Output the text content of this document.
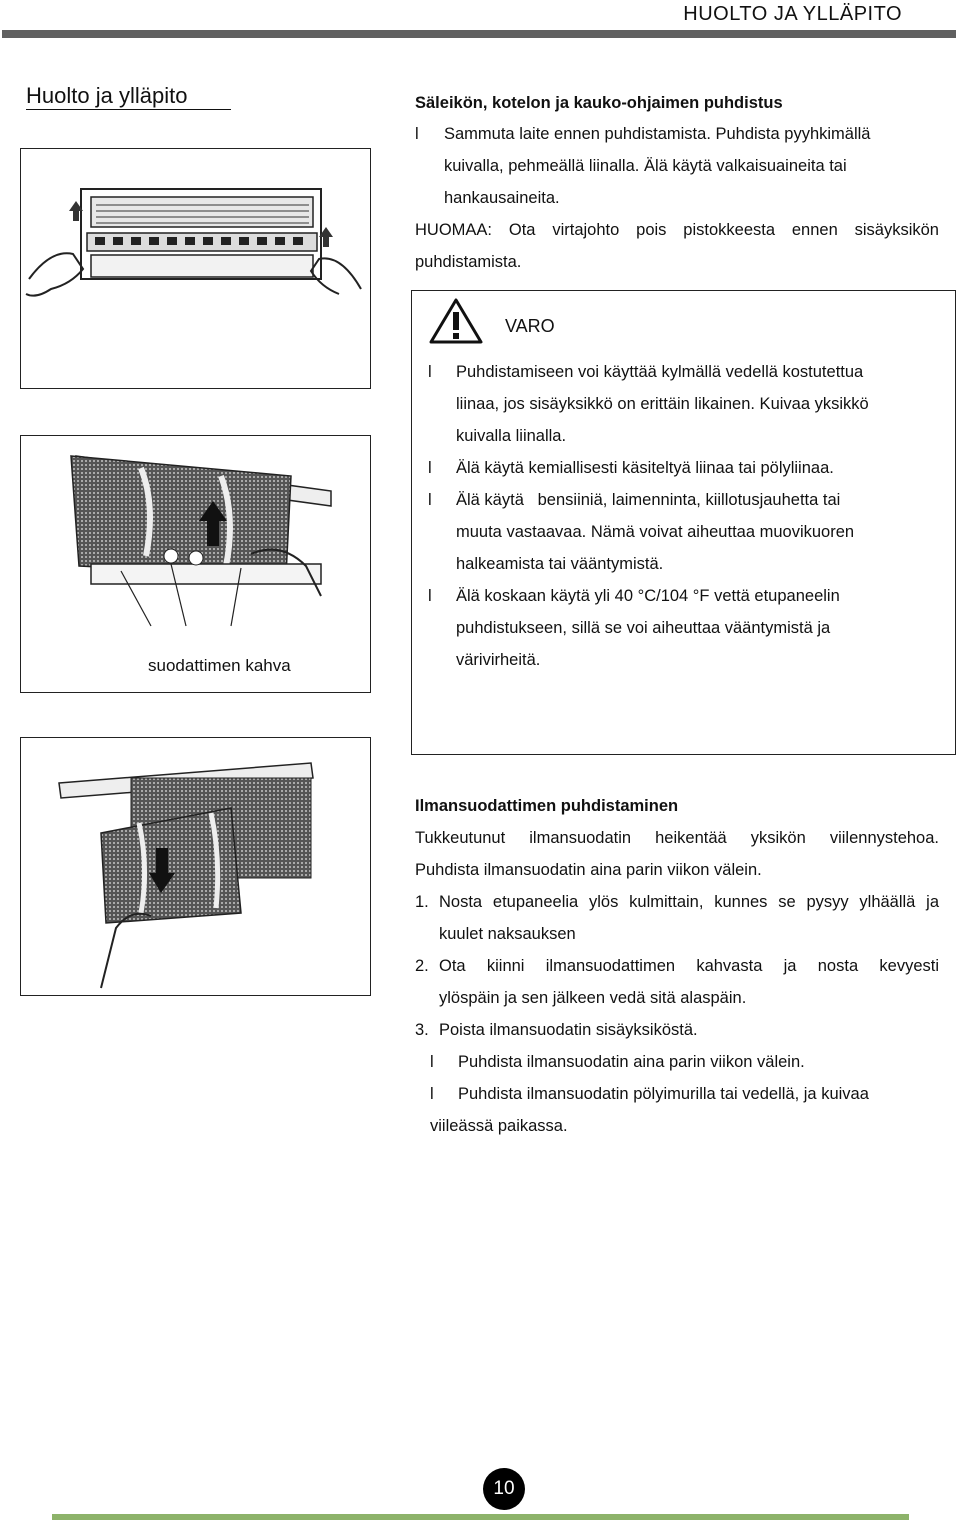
HUOLTO JA YLLÄPITO
Huolto ja ylläpito
suodattimen kahva
Säleikön, kotelon ja kauko-ohjaimen puhdistus
l Sammuta laite ennen puhdistamista. Puhdista pyyhkimällä
kuivalla, pehmeällä liinalla. Älä käytä valkaisuaineita tai
hankausaineita.
HUOMAA: Ota virtajohto pois pistokkeesta ennen sisäyksikön
puhdistamista.
VARO
l Puhdistamiseen voi käyttää kylmällä vedellä kostutettua
liinaa, jos sisäyksikkö on erittäin likainen. Kuivaa yksikkö
kuivalla liinalla.
l Älä käytä kemiallisesti käsiteltyä liinaa tai pölyliinaa.
l Älä käytä   bensiiniä, laimenninta, kiillotusjauhetta tai
muuta vastaavaa. Nämä voivat aiheuttaa muovikuoren
halkeamista tai vääntymistä.
l Älä koskaan käytä yli 40 °C/104 °F vettä etupaneelin
puhdistukseen, sillä se voi aiheuttaa vääntymistä ja
värivirheitä.
Ilmansuodattimen puhdistaminen
Tukkeutunut ilmansuodatin heikentää yksikön viilennystehoa.
Puhdista ilmansuodatin aina parin viikon välein.
1. Nosta etupaneelia ylös kulmittain, kunnes se pysyy ylhäällä ja
kuulet naksauksen
2. Ota kiinni ilmansuodattimen kahvasta ja nosta kevyesti
ylöspäin ja sen jälkeen vedä sitä alaspäin.
3. Poista ilmansuodatin sisäyksiköstä.
l Puhdista ilmansuodatin aina parin viikon välein.
l Puhdista ilmansuodatin pölyimurilla tai vedellä, ja kuivaa
viileässä paikassa.
10
